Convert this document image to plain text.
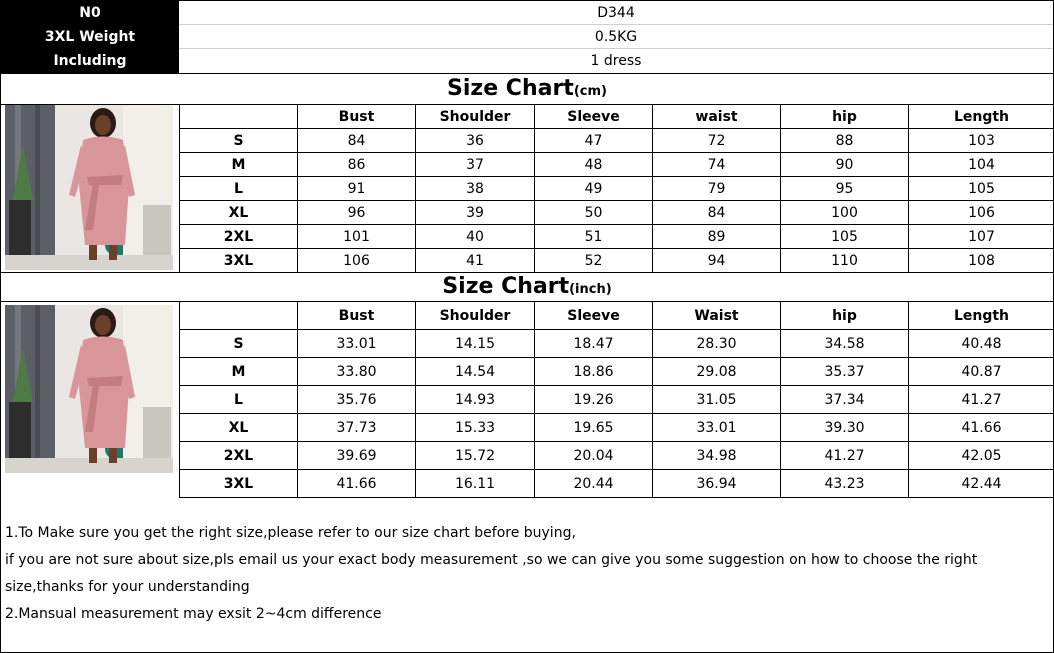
N0	D344
3XL Weight	0.5KG
Including	1 dress
Size Chart(cm)
	Bust	Shoulder	Sleeve	waist	hip	Length
S	84	36	47	72	88	103
M	86	37	48	74	90	104
L	91	38	49	79	95	105
XL	96	39	50	84	100	106
2XL	101	40	51	89	105	107
3XL	106	41	52	94	110	108
Size Chart(inch)
	Bust	Shoulder	Sleeve	Waist	hip	Length
S	33.01	14.15	18.47	28.30	34.58	40.48
M	33.80	14.54	18.86	29.08	35.37	40.87
L	35.76	14.93	19.26	31.05	37.34	41.27
XL	37.73	15.33	19.65	33.01	39.30	41.66
2XL	39.69	15.72	20.04	34.98	41.27	42.05
3XL	41.66	16.11	20.44	36.94	43.23	42.44

1.To Make sure you get the right size,please refer to our size chart before buying,

if you are not sure about size,pls email us your exact body measurement ,so we can give you some suggestion on how to choose the right size,thanks for your understanding

2.Mansual measurement may exsit 2~4cm difference
